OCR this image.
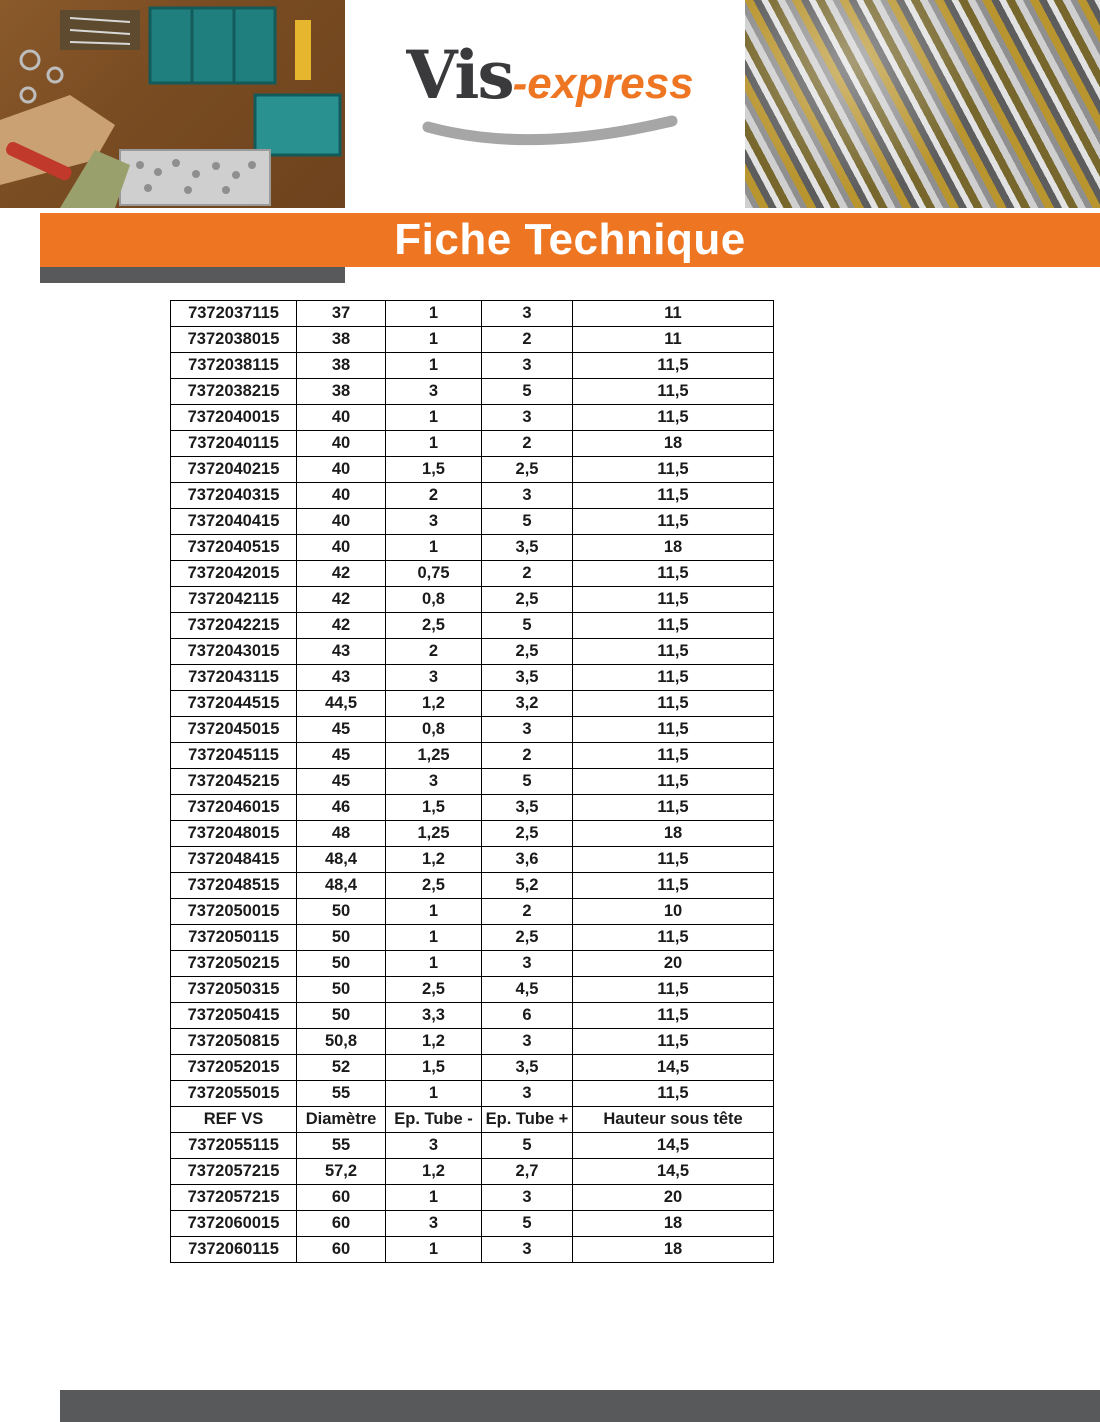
Vis-express
Fiche Technique
7372037115	37	1	3	11
7372038015	38	1	2	11
7372038115	38	1	3	11,5
7372038215	38	3	5	11,5
7372040015	40	1	3	11,5
7372040115	40	1	2	18
7372040215	40	1,5	2,5	11,5
7372040315	40	2	3	11,5
7372040415	40	3	5	11,5
7372040515	40	1	3,5	18
7372042015	42	0,75	2	11,5
7372042115	42	0,8	2,5	11,5
7372042215	42	2,5	5	11,5
7372043015	43	2	2,5	11,5
7372043115	43	3	3,5	11,5
7372044515	44,5	1,2	3,2	11,5
7372045015	45	0,8	3	11,5
7372045115	45	1,25	2	11,5
7372045215	45	3	5	11,5
7372046015	46	1,5	3,5	11,5
7372048015	48	1,25	2,5	18
7372048415	48,4	1,2	3,6	11,5
7372048515	48,4	2,5	5,2	11,5
7372050015	50	1	2	10
7372050115	50	1	2,5	11,5
7372050215	50	1	3	20
7372050315	50	2,5	4,5	11,5
7372050415	50	3,3	6	11,5
7372050815	50,8	1,2	3	11,5
7372052015	52	1,5	3,5	14,5
7372055015	55	1	3	11,5
REF VS	Diamètre	Ep. Tube -	Ep. Tube +	Hauteur sous tête
7372055115	55	3	5	14,5
7372057215	57,2	1,2	2,7	14,5
7372057215	60	1	3	20
7372060015	60	3	5	18
7372060115	60	1	3	18
